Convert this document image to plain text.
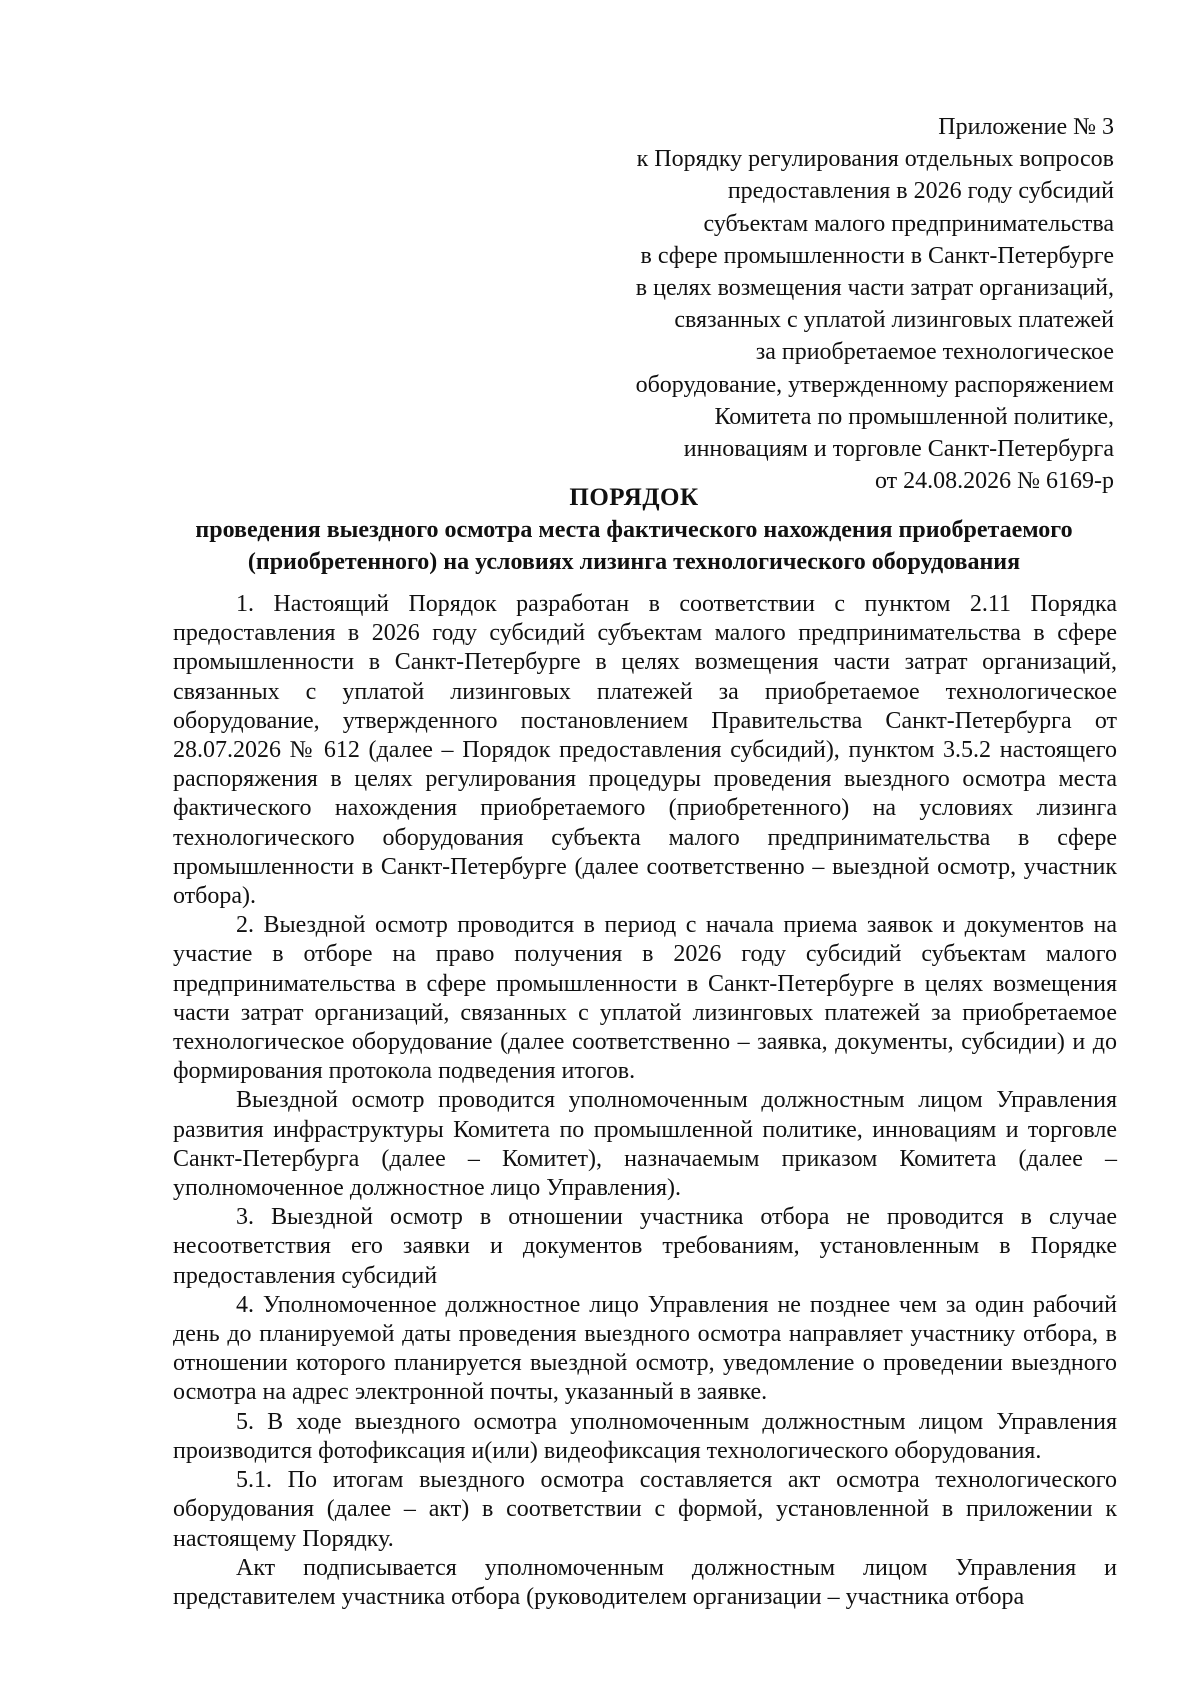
Приложение № 3
к Порядку регулирования отдельных вопросов
предоставления в 2026 году субсидий
субъектам малого предпринимательства
в сфере промышленности в Санкт-Петербурге
в целях возмещения части затрат организаций,
связанных с уплатой лизинговых платежей
за приобретаемое технологическое
оборудование, утвержденному распоряжением
Комитета по промышленной политике,
инновациям и торговле Санкт-Петербурга
от 24.08.2026 № 6169-р
ПОРЯДОК
проведения выездного осмотра места фактического нахождения приобретаемого
(приобретенного) на условиях лизинга технологического оборудования

1. Настоящий Порядок разработан в соответствии с пунктом 2.11 Порядка предоставления в 2026 году субсидий субъектам малого предпринимательства в сфере промышленности в Санкт-Петербурге в целях возмещения части затрат организаций, связанных с уплатой лизинговых платежей за приобретаемое технологическое оборудование, утвержденного постановлением Правительства Санкт-Петербурга от 28.07.2026 № 612 (далее – Порядок предоставления субсидий), пунктом 3.5.2 настоящего распоряжения в целях регулирования процедуры проведения выездного осмотра места фактического нахождения приобретаемого (приобретенного) на условиях лизинга технологического оборудования субъекта малого предпринимательства в сфере промышленности в Санкт-Петербурге (далее соответственно – выездной осмотр, участник отбора).

2. Выездной осмотр проводится в период с начала приема заявок и документов на участие в отборе на право получения в 2026 году субсидий субъектам малого предпринимательства в сфере промышленности в Санкт-Петербурге в целях возмещения части затрат организаций, связанных с уплатой лизинговых платежей за приобретаемое технологическое оборудование (далее соответственно – заявка, документы, субсидии) и до формирования протокола подведения итогов.

Выездной осмотр проводится уполномоченным должностным лицом Управления развития инфраструктуры Комитета по промышленной политике, инновациям и торговле Санкт-Петербурга (далее – Комитет), назначаемым приказом Комитета (далее – уполномоченное должностное лицо Управления).

3. Выездной осмотр в отношении участника отбора не проводится в случае несоответствия его заявки и документов требованиям, установленным в Порядке предоставления субсидий

4. Уполномоченное должностное лицо Управления не позднее чем за один рабочий день до планируемой даты проведения выездного осмотра направляет участнику отбора, в отношении которого планируется выездной осмотр, уведомление о проведении выездного осмотра на адрес электронной почты, указанный в заявке.

5. В ходе выездного осмотра уполномоченным должностным лицом Управления производится фотофиксация и(или) видеофиксация технологического оборудования.

5.1. По итогам выездного осмотра составляется акт осмотра технологического оборудования (далее – акт) в соответствии с формой, установленной в приложении к настоящему Порядку.

Акт подписывается уполномоченным должностным лицом Управления и представителем участника отбора (руководителем организации – участника отбора
